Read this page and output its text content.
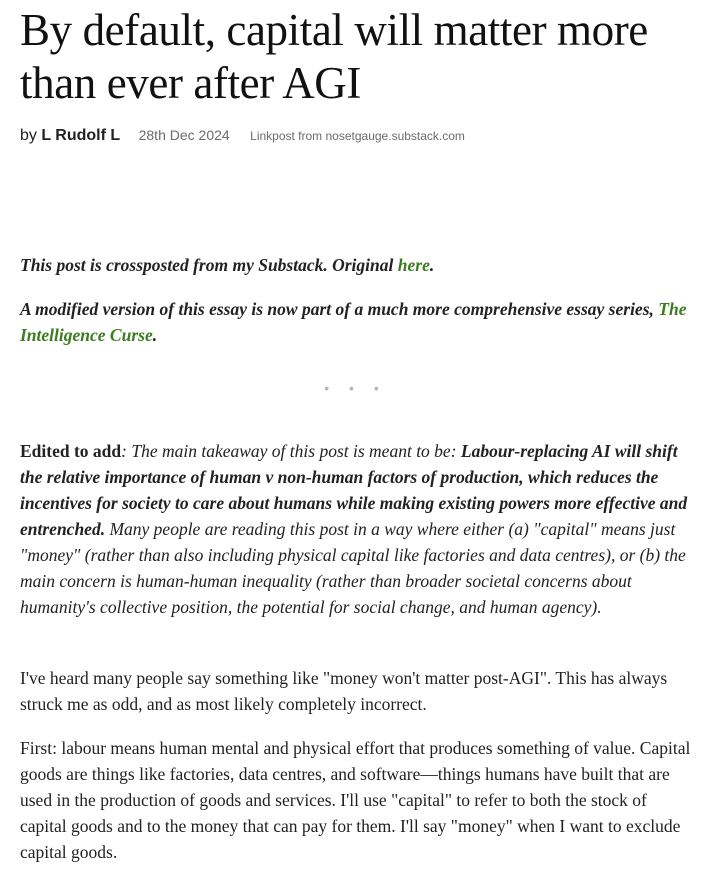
By default, capital will matter more than ever after AGI
by L Rudolf L 28th Dec 2024 Linkpost from nosetgauge.substack.com

This post is crossposted from my Substack. Original here.

A modified version of this essay is now part of a much more comprehensive essay series, The Intelligence Curse.

• • •

Edited to add: The main takeaway of this post is meant to be: Labour-replacing AI will shift the relative importance of human v non-human factors of production, which reduces the incentives for society to care about humans while making existing powers more effective and entrenched. Many people are reading this post in a way where either (a) "capital" means just "money" (rather than also including physical capital like factories and data centres), or (b) the main concern is human-human inequality (rather than broader societal concerns about humanity's collective position, the potential for social change, and human agency).

I've heard many people say something like "money won't matter post-AGI". This has always struck me as odd, and as most likely completely incorrect.

First: labour means human mental and physical effort that produces something of value. Capital goods are things like factories, data centres, and software—things humans have built that are used in the production of goods and services. I'll use "capital" to refer to both the stock of capital goods and to the money that can pay for them. I'll say "money" when I want to exclude capital goods.
